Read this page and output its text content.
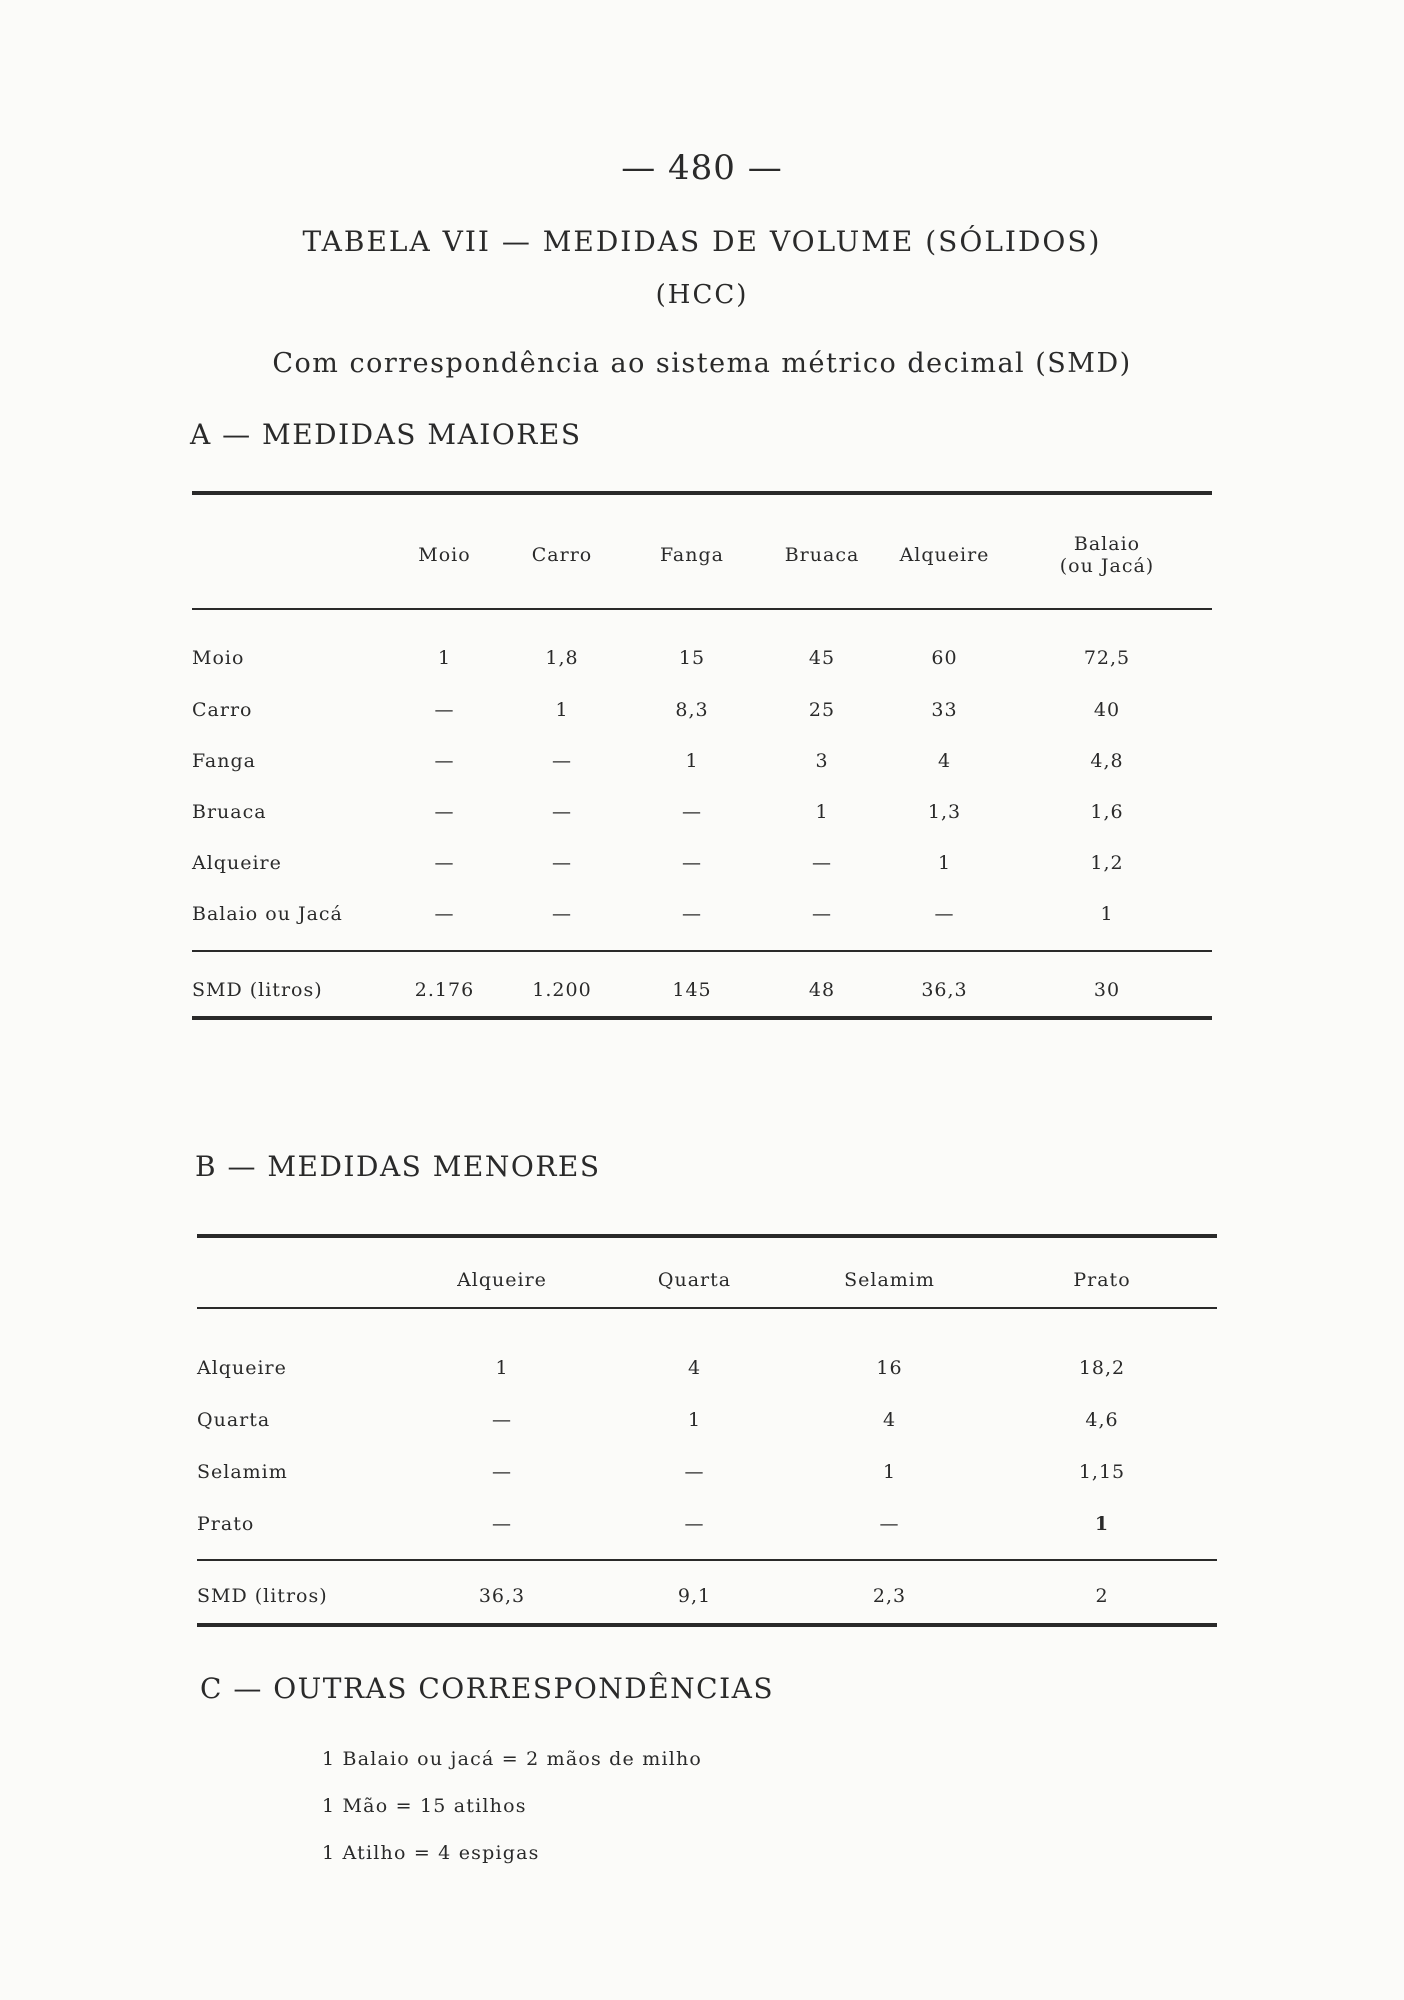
— 480 —
TABELA VII — MEDIDAS DE VOLUME (SÓLIDOS)
(HCC)
Com correspondência ao sistema métrico decimal (SMD)
A — MEDIDAS MAIORES
	Moio	Carro	Fanga	Bruaca	Alqueire	Balaio
(ou Jacá)

Moio	1	1,8	15	45	60	72,5
Carro	—	1	8,3	25	33	40
Fanga	—	—	1	3	4	4,8
Bruaca	—	—	—	1	1,3	1,6
Alqueire	—	—	—	—	1	1,2
Balaio ou Jacá	—	—	—	—	—	1

SMD (litros)	2.176	1.200	145	48	36,3	30
B — MEDIDAS MENORES
	Alqueire	Quarta	Selamim	Prato

Alqueire	1	4	16	18,2
Quarta	—	1	4	4,6
Selamim	—	—	1	1,15
Prato	—	—	—	1

SMD (litros)	36,3	9,1	2,3	2
C — OUTRAS CORRESPONDÊNCIAS
1 Balaio ou jacá = 2 mãos de milho
1 Mão = 15 atilhos
1 Atilho = 4 espigas
